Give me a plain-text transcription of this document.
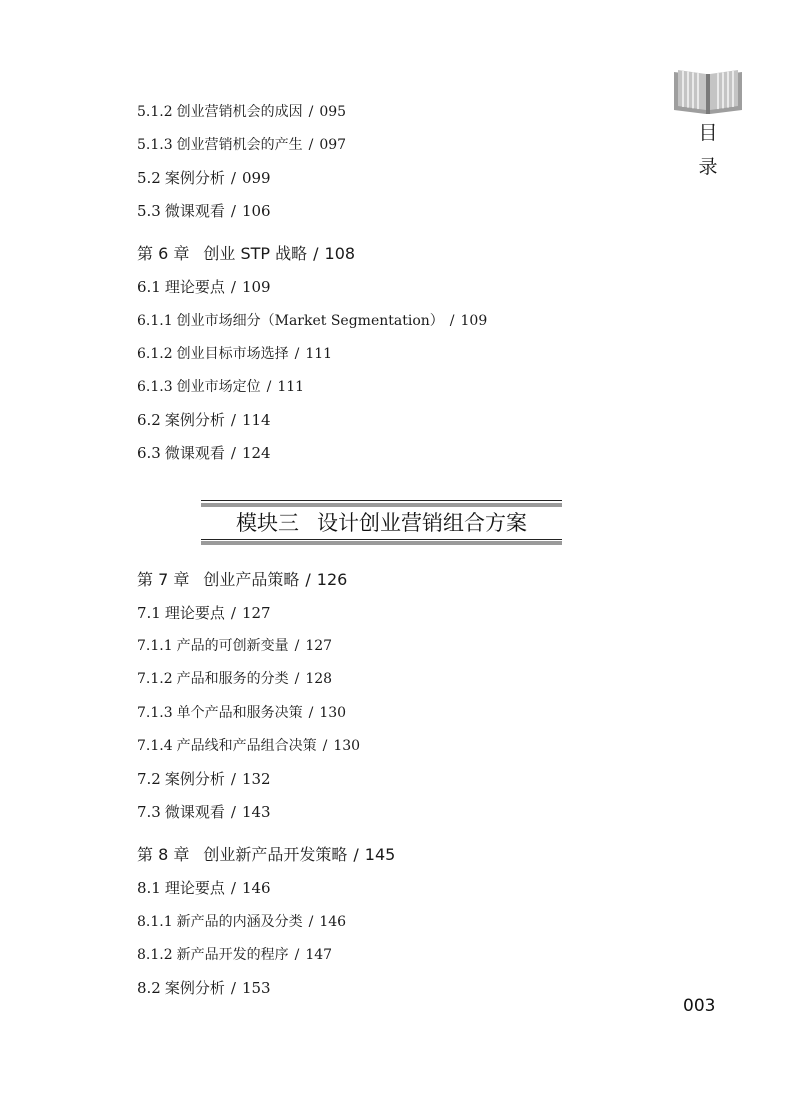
目
录
5.1.2 创业营销机会的成因 / 095
5.1.3 创业营销机会的产生 / 097
5.2 案例分析 / 099
5.3 微课观看 / 106
第 6 章 创业 STP 战略 / 108
6.1 理论要点 / 109
6.1.1 创业市场细分（Market Segmentation） / 109
6.1.2 创业目标市场选择 / 111
6.1.3 创业市场定位 / 111
6.2 案例分析 / 114
6.3 微课观看 / 124
模块三 设计创业营销组合方案
第 7 章 创业产品策略 / 126
7.1 理论要点 / 127
7.1.1 产品的可创新变量 / 127
7.1.2 产品和服务的分类 / 128
7.1.3 单个产品和服务决策 / 130
7.1.4 产品线和产品组合决策 / 130
7.2 案例分析 / 132
7.3 微课观看 / 143
第 8 章 创业新产品开发策略 / 145
8.1 理论要点 / 146
8.1.1 新产品的内涵及分类 / 146
8.1.2 新产品开发的程序 / 147
8.2 案例分析 / 153
003
